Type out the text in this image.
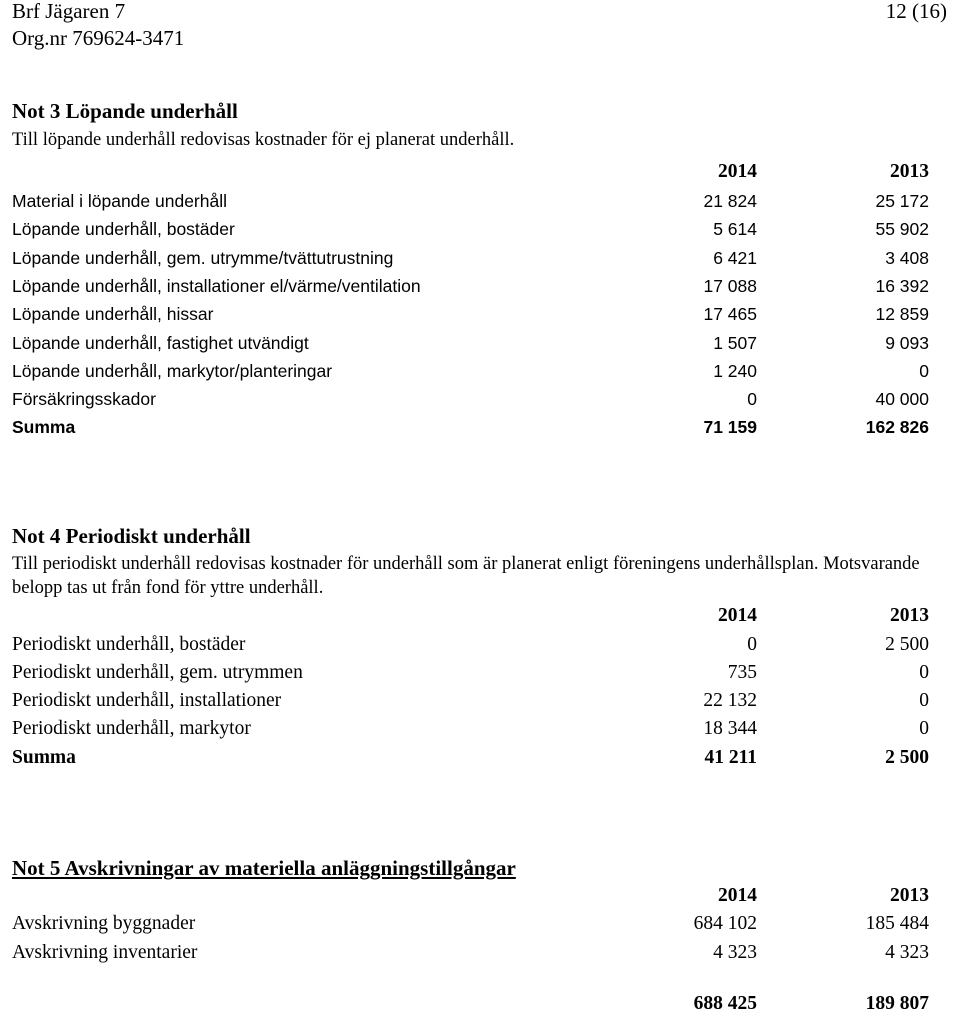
Brf Jägaren 7
Org.nr 769624-3471
12 (16)
Not 3 Löpande underhåll
Till löpande underhåll redovisas kostnader för ej planerat underhåll.
2014	2013
Material i löpande underhåll	21 824	25 172
Löpande underhåll, bostäder	5 614	55 902
Löpande underhåll, gem. utrymme/tvättutrustning	6 421	3 408
Löpande underhåll, installationer el/värme/ventilation	17 088	16 392
Löpande underhåll, hissar	17 465	12 859
Löpande underhåll, fastighet utvändigt	1 507	9 093
Löpande underhåll, markytor/planteringar	1 240	0
Försäkringsskador	0	40 000
Summa	71 159	162 826
Not 4 Periodiskt underhåll
Till periodiskt underhåll redovisas kostnader för underhåll som är planerat enligt föreningens underhållsplan. Motsvarande belopp tas ut från fond för yttre underhåll.
2014	2013
Periodiskt underhåll, bostäder	0	2 500
Periodiskt underhåll, gem. utrymmen	735	0
Periodiskt underhåll, installationer	22 132	0
Periodiskt underhåll, markytor	18 344	0
Summa	41 211	2 500
Not 5 Avskrivningar av materiella anläggningstillgångar
2014	2013
Avskrivning byggnader	684 102	185 484
Avskrivning inventarier	4 323	4 323
688 425	189 807
